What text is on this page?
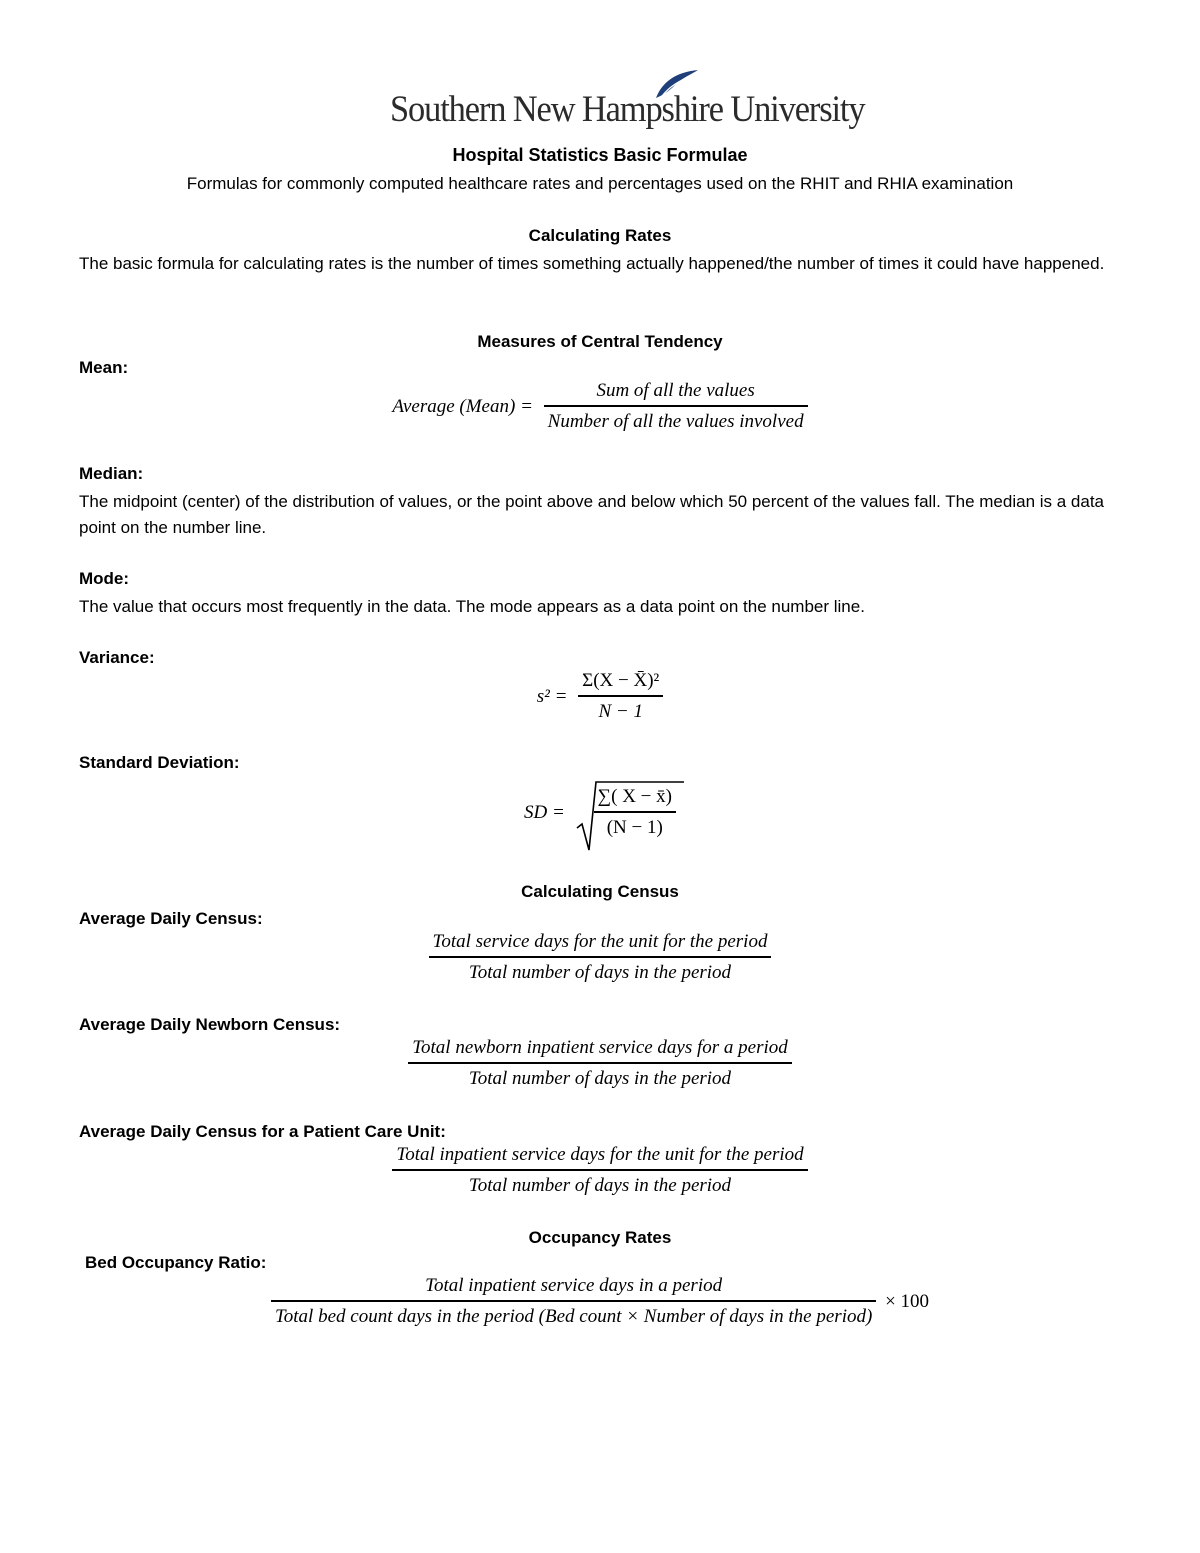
Southern New Hampshire University
Hospital Statistics Basic Formulae
Formulas for commonly computed healthcare rates and percentages used on the RHIT and RHIA examination
Calculating Rates
The basic formula for calculating rates is the number of times something actually happened/the number of times it could have happened.
Measures of Central Tendency
Mean:
Average (Mean) = $\frac{\text{Sum of all the values}}{\text{Number of all the values involved}}$
Median:
The midpoint (center) of the distribution of values, or the point above and below which 50 percent of the values fall. The median is a data point on the number line.
Mode:
The value that occurs most frequently in the data. The mode appears as a data point on the number line.
Variance:
$s^2 = \frac{\text{Σ(X − X̄)²}}{N - 1}$
Standard Deviation:
SD = $\frac{\sum( X - x̄)}{(N - 1)}$
Calculating Census
Average Daily Census:
$\frac{\text{Total service days for the unit for the period}}{\text{Total number of days in the period}}$
Average Daily Newborn Census:
$\frac{\text{Total newborn inpatient service days for a period}}{\text{Total number of days in the period}}$
Average Daily Census for a Patient Care Unit:
$\frac{\text{Total inpatient service days for the unit for the period}}{\text{Total number of days in the period}}$
Occupancy Rates
Bed Occupancy Ratio:
Total inpatient service days in a period
Total bed count days in the period (Bed count × Number of days in the period)
× 100
